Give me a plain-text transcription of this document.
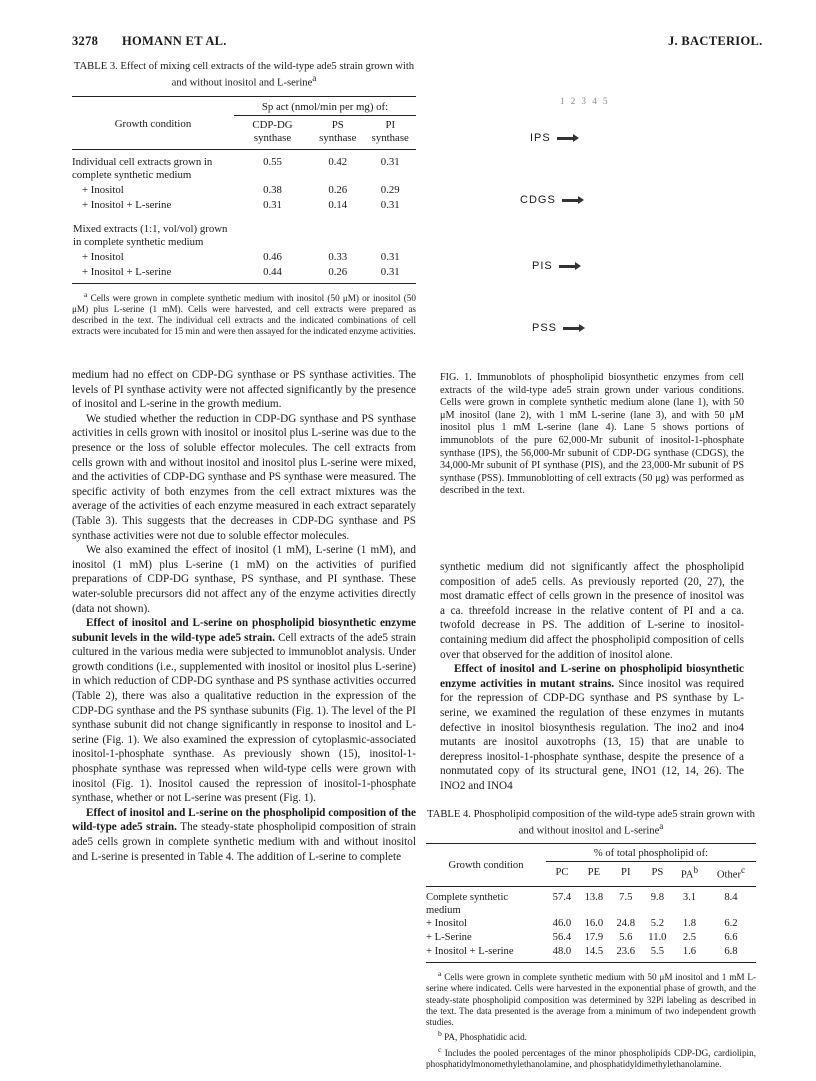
3278 HOMANN ET AL.	J. BACTERIOL.
TABLE 3. Effect of mixing cell extracts of the wild-type ade5 strain grown with and without inositol and L-serine$^a$
Growth condition	Sp act (nmol/min per mg) of:		
	CDP-DG synthase	PS synthase	PI synthase
Individual cell extracts grown in complete synthetic medium	0.55	0.42	0.31
+ Inositol	0.38	0.26	0.29
+ Inositol + L-serine	0.31	0.14	0.31
Mixed extracts (1:1, vol/vol) grown in complete synthetic medium			
+ Inositol	0.46	0.33	0.31
+ Inositol + L-serine	0.44	0.26	0.31
$^a$ Cells were grown in complete synthetic medium with inositol (50 μM) or inositol (50 μM) plus L-serine (1 mM). Cells were harvested, and cell extracts were prepared as described in the text. The individual cell extracts and the indicated combinations of cell extracts were incubated for 15 min and were then assayed for the indicated enzyme activities.

medium had no effect on CDP-DG synthase or PS synthase activities. The levels of PI synthase activity were not affected significantly by the presence of inositol and L-serine in the growth medium.

We studied whether the reduction in CDP-DG synthase and PS synthase activities in cells grown with inositol or inositol plus L-serine was due to the presence or the loss of soluble effector molecules. The cell extracts from cells grown with and without inositol and inositol plus L-serine were mixed, and the activities of CDP-DG synthase and PS synthase were measured. The specific activity of both enzymes from the cell extract mixtures was the average of the activities of each enzyme measured in each extract separately (Table 3). This suggests that the decreases in CDP-DG synthase and PS synthase activities were not due to soluble effector molecules.

We also examined the effect of inositol (1 mM), L-serine (1 mM), and inositol (1 mM) plus L-serine (1 mM) on the activities of purified preparations of CDP-DG synthase, PS synthase, and PI synthase. These water-soluble precursors did not affect any of the enzyme activities directly (data not shown).

Effect of inositol and L-serine on phospholipid biosynthetic enzyme subunit levels in the wild-type ade5 strain. Cell extracts of the ade5 strain cultured in the various media were subjected to immunoblot analysis. Under growth conditions (i.e., supplemented with inositol or inositol plus L-serine) in which reduction of CDP-DG synthase and PS synthase activities occurred (Table 2), there was also a qualitative reduction in the expression of the CDP-DG synthase and the PS synthase subunits (Fig. 1). The level of the PI synthase subunit did not change significantly in response to inositol and L-serine (Fig. 1). We also examined the expression of cytoplasmic-associated inositol-1-phosphate synthase. As previously shown (15), inositol-1-phosphate synthase was repressed when wild-type cells were grown with inositol (Fig. 1). Inositol caused the repression of inositol-1-phosphate synthase, whether or not L-serine was present (Fig. 1).

Effect of inositol and L-serine on the phospholipid composition of the wild-type ade5 strain. The steady-state phospholipid composition of strain ade5 cells grown in complete synthetic medium with and without inositol and L-serine is presented in Table 4. The addition of L-serine to complete

1 2 3 4 5
IPS
CDGS
PIS
PSS
FIG. 1. Immunoblots of phospholipid biosynthetic enzymes from cell extracts of the wild-type ade5 strain grown under various conditions. Cells were grown in complete synthetic medium alone (lane 1), with 50 μM inositol (lane 2), with 1 mM L-serine (lane 3), and with 50 μM inositol plus 1 mM L-serine (lane 4). Lane 5 shows portions of immunoblots of the pure 62,000-Mr subunit of inositol-1-phosphate synthase (IPS), the 56,000-Mr subunit of CDP-DG synthase (CDGS), the 34,000-Mr subunit of PI synthase (PIS), and the 23,000-Mr subunit of PS synthase (PSS). Immunoblotting of cell extracts (50 μg) was performed as described in the text.

synthetic medium did not significantly affect the phospholipid composition of ade5 cells. As previously reported (20, 27), the most dramatic effect of cells grown in the presence of inositol was a ca. threefold increase in the relative content of PI and a ca. twofold decrease in PS. The addition of L-serine to inositol-containing medium did affect the phospholipid composition of cells over that observed for the addition of inositol alone.

Effect of inositol and L-serine on phospholipid biosynthetic enzyme activities in mutant strains. Since inositol was required for the repression of CDP-DG synthase and PS synthase by L-serine, we examined the regulation of these enzymes in mutants defective in inositol biosynthesis regulation. The ino2 and ino4 mutants are inositol auxotrophs (13, 15) that are unable to derepress inositol-1-phosphate synthase, despite the presence of a nonmutated copy of its structural gene, INO1 (12, 14, 26). The INO2 and INO4

TABLE 4. Phospholipid composition of the wild-type ade5 strain grown with and without inositol and L-serine$^a$
Growth condition	% of total phospholipid of:					
	PC	PE	PI	PS	$PA^b$	Other$^c$
Complete synthetic medium	57.4	13.8	7.5	9.8	3.1	8.4
+ Inositol	46.0	16.0	24.8	5.2	1.8	6.2
+ L-Serine	56.4	17.9	5.6	11.0	2.5	6.6
+ Inositol + L-serine	48.0	14.5	23.6	5.5	1.6	6.8
$^a$ Cells were grown in complete synthetic medium with 50 μM inositol and 1 mM L-serine where indicated. Cells were harvested in the exponential phase of growth, and the steady-state phospholipid composition was determined by 32Pi labeling as described in the text. The data presented is the average from a minimum of two independent growth studies.
$^b$ PA, Phosphatidic acid.
$^c$ Includes the pooled percentages of the minor phospholipids CDP-DG, cardiolipin, phosphatidylmonomethylethanolamine, and phosphatidyldimethylethanolamine.
